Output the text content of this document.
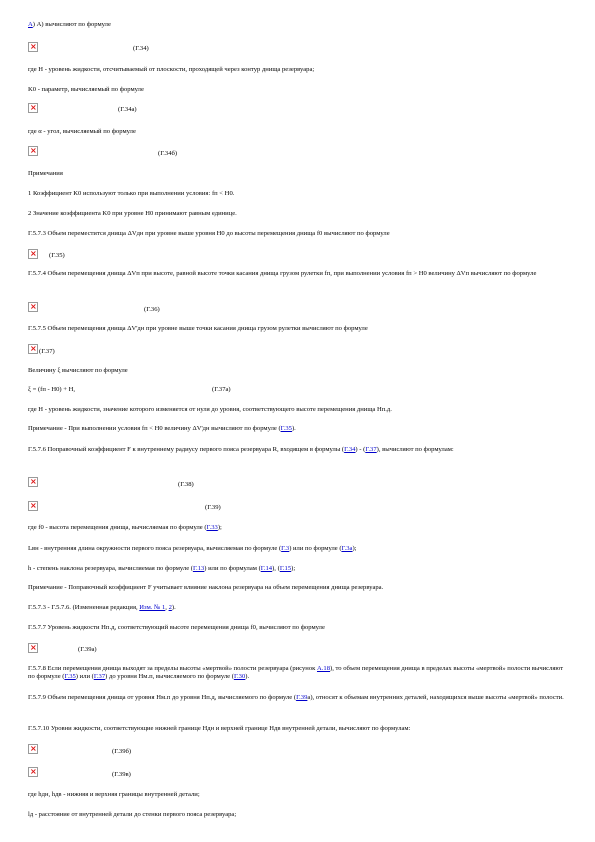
А) А) вычисляют по формуле
×
(Г.34)
где H - уровень жидкости, отсчитываемый от плоскости, проходящей через контур днища резервуара;
K0 - параметр, вычисляемый по формуле
×
(Г.34а)
где α - угол, вычисляемый по формуле
×
(Г.34б)
Примечания
1 Коэффициент K0 используют только при выполнении условия: fп < H0.
2 Значение коэффициента K0 при уровне H0 принимают равным единице.
Г.5.7.3 Объем переместится днища ΔVдн при уровне выше уровня H0 до высоты перемещения днища f0 вычисляют по формуле
×
(Г.35)
Г.5.7.4 Объем перемещения днища ΔVп при высоте, равной высоте точки касания днища грузом рулетки fп, при выполнении условия fп > H0 величину ΔVп вычисляют по формуле
×
(Г.36)
Г.5.7.5 Объем перемещения днища ΔV'дн при уровне выше точки касания днища грузом рулетки вычисляют по формуле
×
(Г.37)
Величину ξ вычисляют по формуле
ξ = (fп - H0) + H,	(Г.37а)
где H - уровень жидкости, значение которого изменяется от нуля до уровня, соответствующего высоте перемещения днища Hп.д.
Примечание - При выполнении условия fп < H0 величину ΔV'дн вычисляют по формуле (Г.35).
Г.5.7.6 Поправочный коэффициент F к внутреннему радиусу первого пояса резервуара R, входящем в формулы (Г.34) - (Г.37), вычисляют по формулам:
×
(Г.38)
×
(Г.39)
где f0 - высота перемещения днища, вычисляемая по формуле (Г.33);
Lвн - внутренняя длина окружности первого пояса резервуара, вычисляемая по формуле (Г.3) или по формуле (Г.3а);
h - степень наклона резервуара, вычисляемая по формуле (Г.13) или по формулам (Г.14), (Г.15);
Примечание - Поправочный коэффициент F учитывает влияние наклона резервуара на объем перемещения днища резервуара.
Г.5.7.3 - Г.5.7.6. (Измененная редакция, Изм. № 1, 2).
Г.5.7.7 Уровень жидкости Hп.д, соответствующий высоте перемещения днища f0, вычисляют по формуле
×
(Г.39а)
Г.5.7.8 Если перемещения днища выходят за пределы высоты «мертвой» полости резервуара (рисунок А.18), то объем перемещения днища в пределах высоты «мертвой» полости вычисляют по формуле (Г.35) или (Г.37) до уровня Hм.п, вычисляемого по формуле (Г.30).
Г.5.7.9 Объем перемещения днища от уровня Hм.п до уровня Hп.д, вычисляемого по формуле (Г.39а), относят к объемам внутренних деталей, находящихся выше высоты «мертвой» полости.
Г.5.7.10 Уровни жидкости, соответствующие нижней границе Hдн и верхней границе Hдв внутренней детали, вычисляют по формулам:
×
(Г.39б)
×
(Г.39в)
где hдн, hдв - нижняя и верхняя границы внутренней детали;
lд - расстояние от внутренней детали до стенки первого пояса резервуара;
